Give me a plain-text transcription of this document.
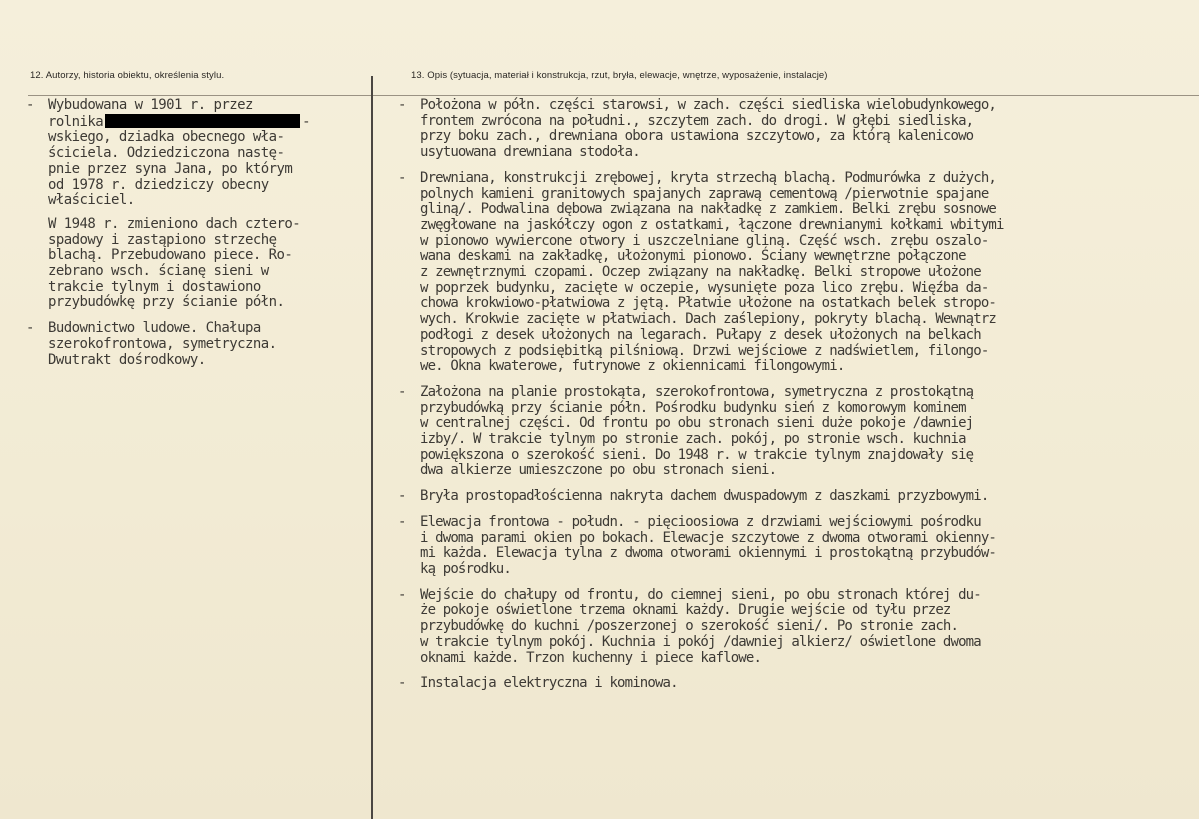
12. Autorzy, historia obiektu, określenia stylu.	13. Opis (sytuacja, materiał i konstrukcja, rzut, bryła, elewacje, wnętrze, wyposażenie, instalacje)
- Wybudowana w 1901 r. przez
rolnika	-
wskiego, dziadka obecnego wła-
ściciela. Odziedziczona nastę-
pnie przez syna Jana, po którym
od 1978 r. dziedziczy obecny
właściciel.
W 1948 r. zmieniono dach cztero-
spadowy i zastąpiono strzechę
blachą. Przebudowano piece. Ro-
zebrano wsch. ścianę sieni w
trakcie tylnym i dostawiono
przybudówkę przy ścianie półn.
- Budownictwo ludowe. Chałupa
szerokofrontowa, symetryczna.
Dwutrakt dośrodkowy.
- Położona w półn. części starowsi, w zach. części siedliska wielobudynkowego,
frontem zwrócona na południ., szczytem zach. do drogi. W głębi siedliska,
przy boku zach., drewniana obora ustawiona szczytowo, za którą kalenicowo
usytuowana drewniana stodoła.
- Drewniana, konstrukcji zrębowej, kryta strzechą blachą. Podmurówka z dużych,
polnych kamieni granitowych spajanych zaprawą cementową /pierwotnie spajane
gliną/. Podwalina dębowa związana na nakładkę z zamkiem. Belki zrębu sosnowe
zwęgłowane na jaskółczy ogon z ostatkami, łączone drewnianymi kołkami wbitymi
w pionowo wywiercone otwory i uszczelniane gliną. Część wsch. zrębu oszalo-
wana deskami na zakładkę, ułożonymi pionowo. Ściany wewnętrzne połączone
z zewnętrznymi czopami. Oczep związany na nakładkę. Belki stropowe ułożone
w poprzek budynku, zacięte w oczepie, wysunięte poza lico zrębu. Więźba da-
chowa krokwiowo-płatwiowa z jętą. Płatwie ułożone na ostatkach belek stropo-
wych. Krokwie zacięte w płatwiach. Dach zaślepiony, pokryty blachą. Wewnątrz
podłogi z desek ułożonych na legarach. Pułapy z desek ułożonych na belkach
stropowych z podsiębitką pilśniową. Drzwi wejściowe z nadświetlem, filongo-
we. Okna kwaterowe, futrynowe z okiennicami filongowymi.
- Założona na planie prostokąta, szerokofrontowa, symetryczna z prostokątną
przybudówką przy ścianie półn. Pośrodku budynku sień z komorowym kominem
w centralnej części. Od frontu po obu stronach sieni duże pokoje /dawniej
izby/. W trakcie tylnym po stronie zach. pokój, po stronie wsch. kuchnia
powiększona o szerokość sieni. Do 1948 r. w trakcie tylnym znajdowały się
dwa alkierze umieszczone po obu stronach sieni.
- Bryła prostopadłościenna nakryta dachem dwuspadowym z daszkami przyzbowymi.
- Elewacja frontowa - połudn. - pięcioosiowa z drzwiami wejściowymi pośrodku
i dwoma parami okien po bokach. Elewacje szczytowe z dwoma otworami okienny-
mi każda. Elewacja tylna z dwoma otworami okiennymi i prostokątną przybudów-
ką pośrodku.
- Wejście do chałupy od frontu, do ciemnej sieni, po obu stronach której du-
że pokoje oświetlone trzema oknami każdy. Drugie wejście od tyłu przez
przybudówkę do kuchni /poszerzonej o szerokość sieni/. Po stronie zach.
w trakcie tylnym pokój. Kuchnia i pokój /dawniej alkierz/ oświetlone dwoma
oknami każde. Trzon kuchenny i piece kaflowe.
- Instalacja elektryczna i kominowa.
